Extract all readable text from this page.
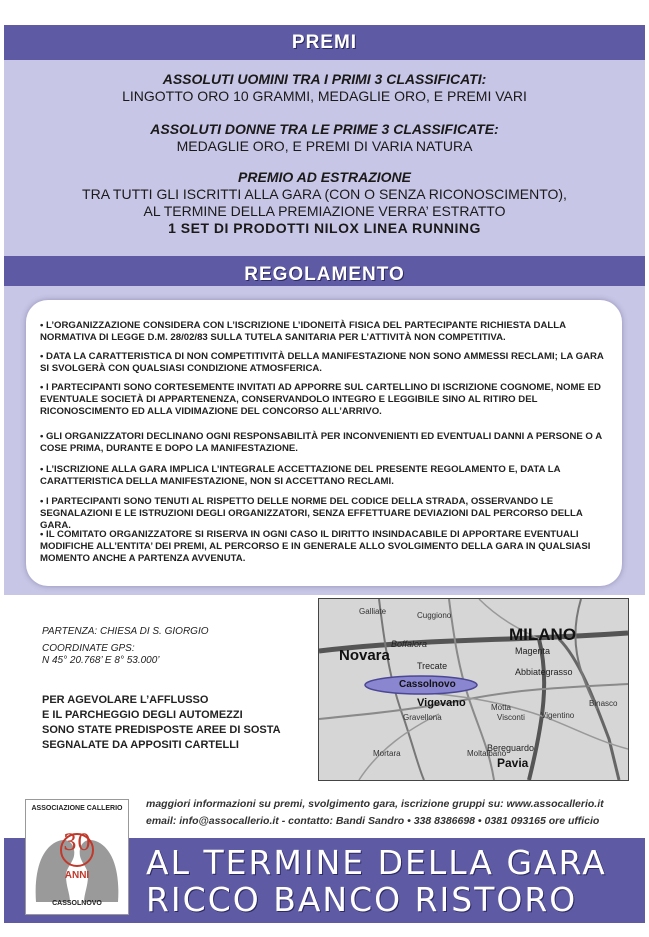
PREMI
ASSOLUTI UOMINI TRA I PRIMI 3 CLASSIFICATI:
LINGOTTO ORO 10 GRAMMI, MEDAGLIE ORO, E PREMI VARI
ASSOLUTI DONNE TRA LE PRIME 3 CLASSIFICATE:
MEDAGLIE ORO, E PREMI DI VARIA NATURA
PREMIO AD ESTRAZIONE
TRA TUTTI GLI ISCRITTI ALLA GARA (CON O SENZA RICONOSCIMENTO),
AL TERMINE DELLA PREMIAZIONE VERRA’ ESTRATTO
1 SET DI PRODOTTI NILOX LINEA RUNNING
REGOLAMENTO
• L’ORGANIZZAZIONE CONSIDERA CON L’ISCRIZIONE L’IDONEITÀ FISICA DEL PARTECIPANTE RICHIESTA DALLA NORMATIVA DI LEGGE D.M. 28/02/83 SULLA TUTELA SANITARIA PER L’ATTIVITÀ NON COMPETITIVA.
• DATA LA CARATTERISTICA DI NON COMPETITIVITÀ DELLA MANIFESTAZIONE NON SONO AMMESSI RECLAMI; LA GARA SI SVOLGERÀ CON QUALSIASI CONDIZIONE ATMOSFERICA.
• I PARTECIPANTI SONO CORTESEMENTE INVITATI AD APPORRE SUL CARTELLINO DI ISCRIZIONE COGNOME, NOME ED EVENTUALE SOCIETÀ DI APPARTENENZA, CONSERVANDOLO INTEGRO E LEGGIBILE SINO AL RITIRO DEL RICONOSCIMENTO ED ALLA VIDIMAZIONE DEL CONCORSO ALL’ARRIVO.
• GLI ORGANIZZATORI DECLINANO OGNI RESPONSABILITÀ PER INCONVENIENTI ED EVENTUALI DANNI A PERSONE O A COSE PRIMA, DURANTE E DOPO LA MANIFESTAZIONE.
• L’ISCRIZIONE ALLA GARA IMPLICA L’INTEGRALE ACCETTAZIONE DEL PRESENTE REGOLAMENTO E, DATA LA CARATTERISTICA DELLA MANIFESTAZIONE, NON SI ACCETTANO RECLAMI.
• I PARTECIPANTI SONO TENUTI AL RISPETTO DELLE NORME DEL CODICE DELLA STRADA, OSSERVANDO LE SEGNALAZIONI E LE ISTRUZIONI DEGLI ORGANIZZATORI, SENZA EFFETTUARE DEVIAZIONI DAL PERCORSO DELLA GARA.
• IL COMITATO ORGANIZZATORE SI RISERVA IN OGNI CASO IL DIRITTO INSINDACABILE DI APPORTARE EVENTUALI MODIFICHE ALL’ENTITA’ DEI PREMI, AL PERCORSO E IN GENERALE ALLO SVOLGIMENTO DELLA GARA IN QUALSIASI MOMENTO ANCHE A PARTENZA AVVENUTA.
PARTENZA: CHIESA DI S. GIORGIO
COORDINATE GPS:
N 45° 20.768’ E 8° 53.000’
PER AGEVOLARE L’AFFLUSSO
E IL PARCHEGGIO DEGLI AUTOMEZZI
SONO STATE PREDISPOSTE AREE DI SOSTA
SEGNALATE DA APPOSITI CARTELLI
Galliate	Cuggiono
Boffalora	MILANO
Magenta
Novara
Trecate
Abbiategrasso
Cassolnovo
Vigevano	Binasco
Motta
Visconti Vigentino
Gravellona
Moltalbano
Mortara
Bereguardo
Pavia
AL TERMINE DELLA GARA
RICCO BANCO RISTORO
maggiori informazioni su premi, svolgimento gara, iscrizione gruppi su: www.assocallerio.it
email: info@assocallerio.it - contatto: Bandi Sandro • 338 8386698 • 0381 093165 ore ufficio
ASSOCIAZIONE CALLERIO
30
ANNI
CASSOLNOVO
